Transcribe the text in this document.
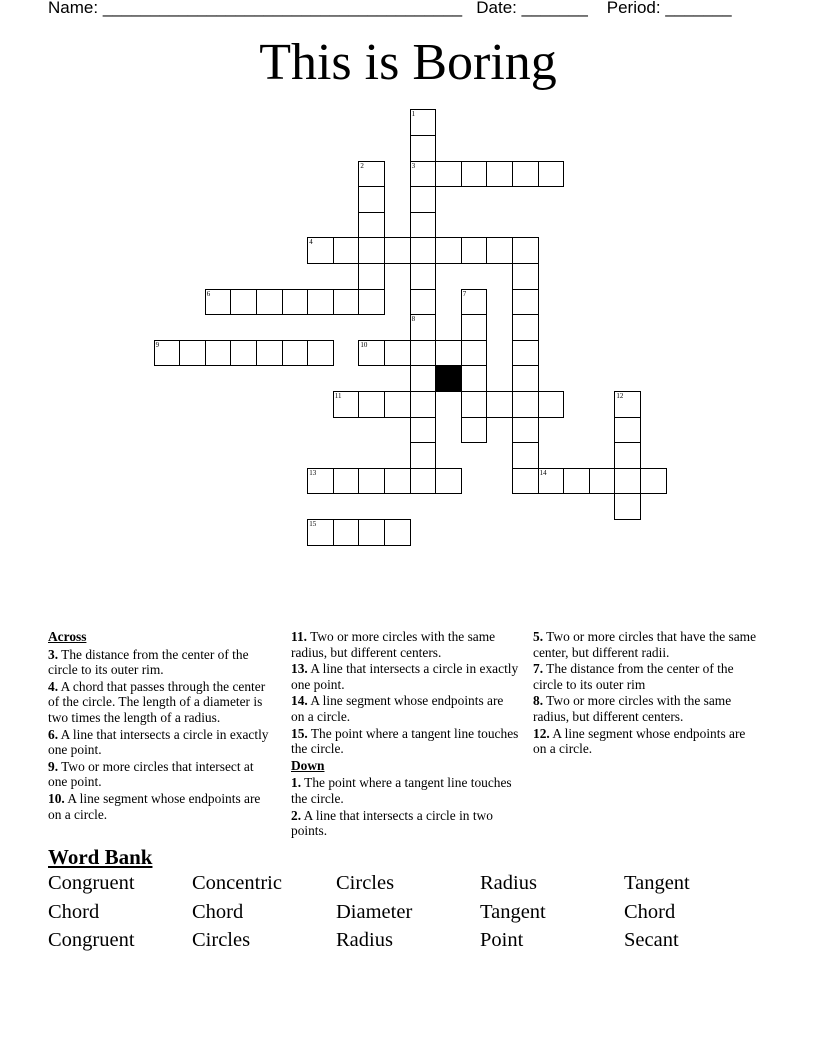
Name: ______________________________________ Date: _______ Period: _______
This is Boring
1
3
8
2
4
6	7
9	10
11	12
13
15
14
Across
3. The distance from the center of the circle to its outer rim.
4. A chord that passes through the center of the circle. The length of a diameter is two times the length of a radius.
6. A line that intersects a circle in exactly one point.
9. Two or more circles that intersect at one point.
10. A line segment whose endpoints are on a circle.
11. Two or more circles with the same radius, but different centers.
13. A line that intersects a circle in exactly one point.
14. A line segment whose endpoints are on a circle.
15. The point where a tangent line touches the circle.
Down
1. The point where a tangent line touches the circle.
2. A line that intersects a circle in two points.
5. Two or more circles that have the same center, but different radii.
7. The distance from the center of the circle to its outer rim
8. Two or more circles with the same radius, but different centers.
12. A line segment whose endpoints are on a circle.
Word Bank
Congruent	Concentric	Circles	Radius	Tangent
Chord	Chord	Diameter	Tangent	Chord
Congruent	Circles	Radius	Point	Secant
